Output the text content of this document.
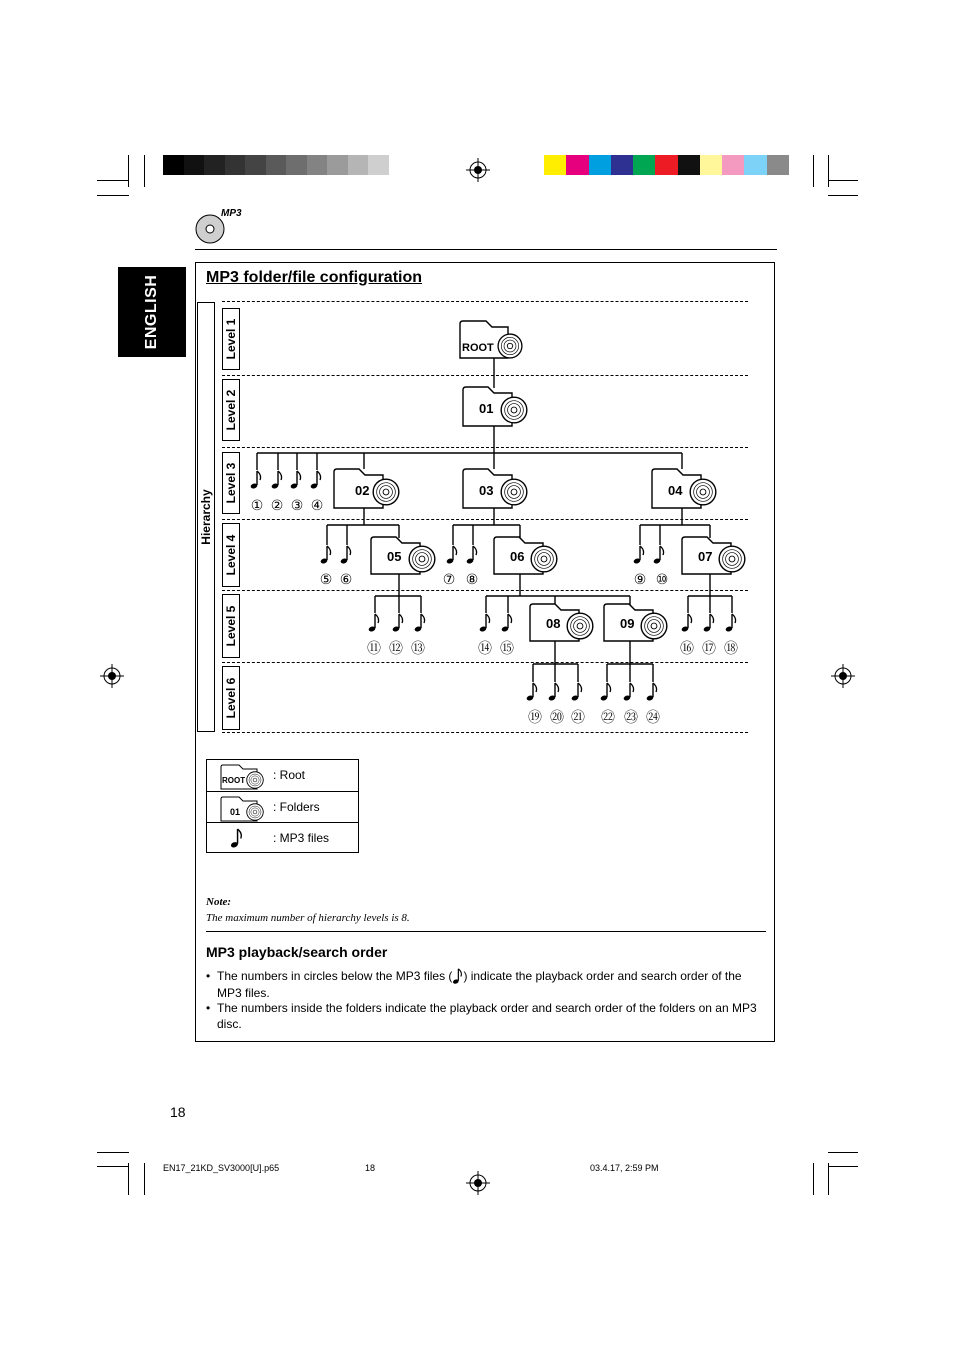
MP3
ENGLISH	MP3 folder/file configuration
Hierarchy
Level 1
Level 2
Level 3
Level 4
Level 5
Level 6
ROOT
01
02	03	04
05	06	07
08	09
① ② ③ ④
⑤ ⑥	⑦ ⑧	⑨ ⑩
⑪ ⑫ ⑬	⑭ ⑮	⑯ ⑰ ⑱
⑲ ⑳ ㉑ ㉒ ㉓ ㉔
ROOT : Root
01	: Folders
: MP3 files
Note:
The maximum number of hierarchy levels is 8.
MP3 playback/search order
• The numbers in circles below the MP3 files ( ) indicate the playback order and search order of the MP3 files.
• The numbers inside the folders indicate the playback order and search order of the folders on an MP3 disc.
18
EN17_21KD_SV3000[U].p65	18	03.4.17, 2:59 PM
